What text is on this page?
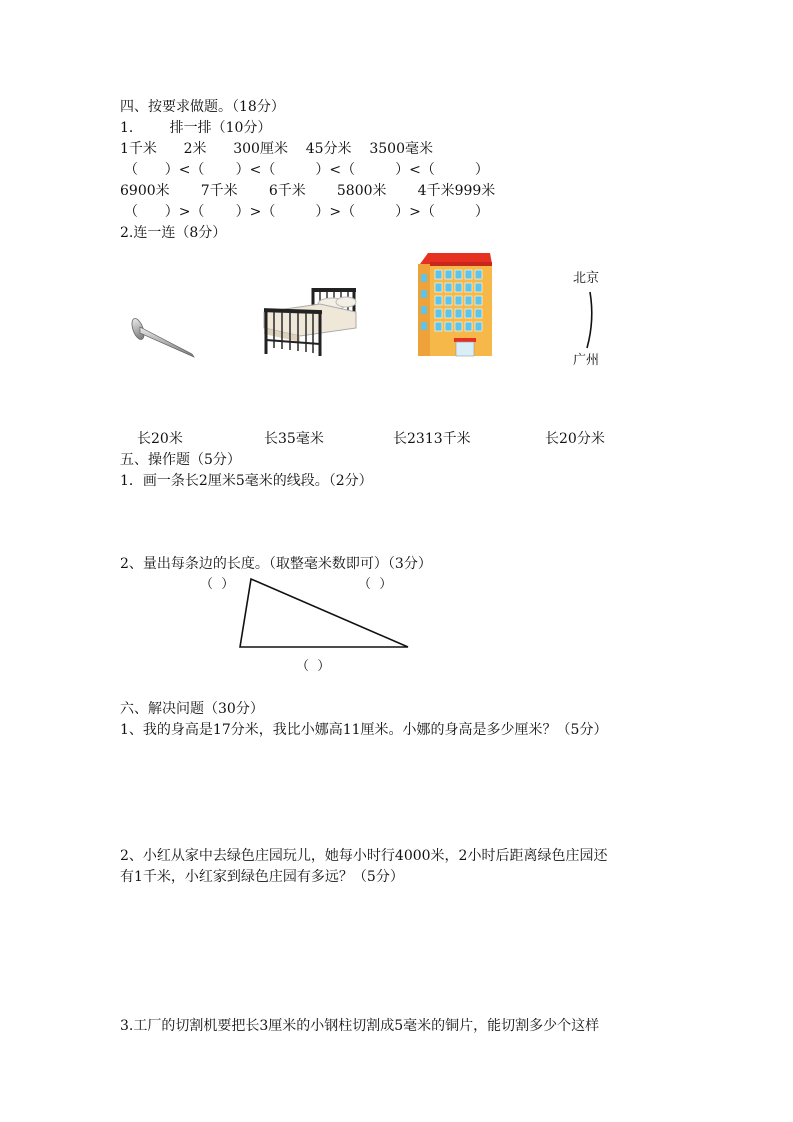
四、按要求做题。（18分）
1．      排一排（10分）
1千米      2米      300厘米    45分米    3500毫米
（      ）<（       ）<（         ）<（         ）<（         ）
6900米       7千米       6千米       5800米       4千米999米
（      ）>（       ）>（         ）>（         ）>（         ）
2.连一连（8分）
北京
广州
长20米	长35毫米	长2313千米	长20分米
五、操作题（5分）
1．画一条长2厘米5毫米的线段。（2分）
2、量出每条边的长度。（取整毫米数即可）（3分）
（  ）	（  ）
（  ）
六、解决问题（30分）
1、我的身高是17分米，我比小娜高11厘米。小娜的身高是多少厘米？（5分）
2、小红从家中去绿色庄园玩儿，她每小时行4000米，2小时后距离绿色庄园还
有1千米，小红家到绿色庄园有多远？（5分）
3.工厂的切割机要把长3厘米的小钢柱切割成5毫米的铜片，能切割多少个这样
